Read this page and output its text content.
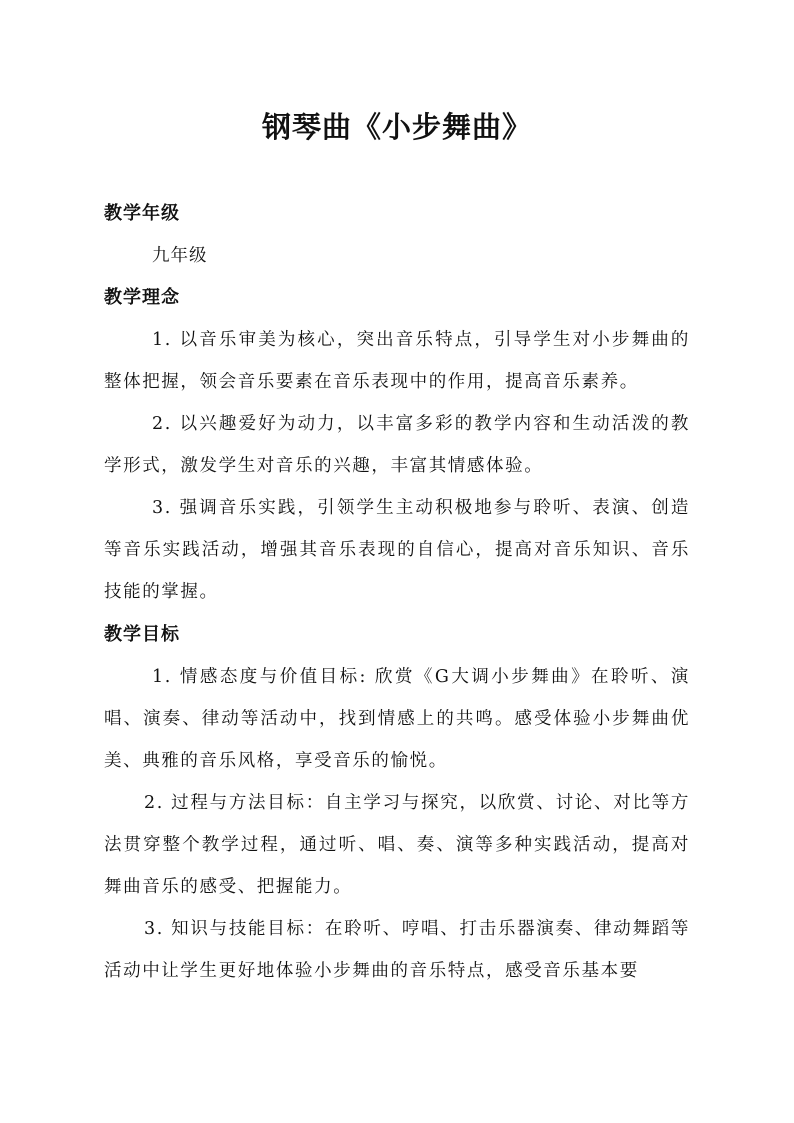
钢琴曲《小步舞曲》
教学年级
九年级
教学理念
1. 以音乐审美为核心，突出音乐特点，引导学生对小步舞曲的整体把握，领会音乐要素在音乐表现中的作用，提高音乐素养。
2. 以兴趣爱好为动力，以丰富多彩的教学内容和生动活泼的教学形式，激发学生对音乐的兴趣，丰富其情感体验。
3. 强调音乐实践，引领学生主动积极地参与聆听、表演、创造等音乐实践活动，增强其音乐表现的自信心，提高对音乐知识、音乐技能的掌握。
教学目标
1. 情感态度与价值目标: 欣赏《G大调小步舞曲》在聆听、演唱、演奏、律动等活动中，找到情感上的共鸣。感受体验小步舞曲优美、典雅的音乐风格，享受音乐的愉悦。
2. 过程与方法目标：自主学习与探究，以欣赏、讨论、对比等方法贯穿整个教学过程，通过听、唱、奏、演等多种实践活动，提高对舞曲音乐的感受、把握能力。
3. 知识与技能目标：在聆听、哼唱、打击乐器演奏、律动舞蹈等活动中让学生更好地体验小步舞曲的音乐特点，感受音乐基本要
